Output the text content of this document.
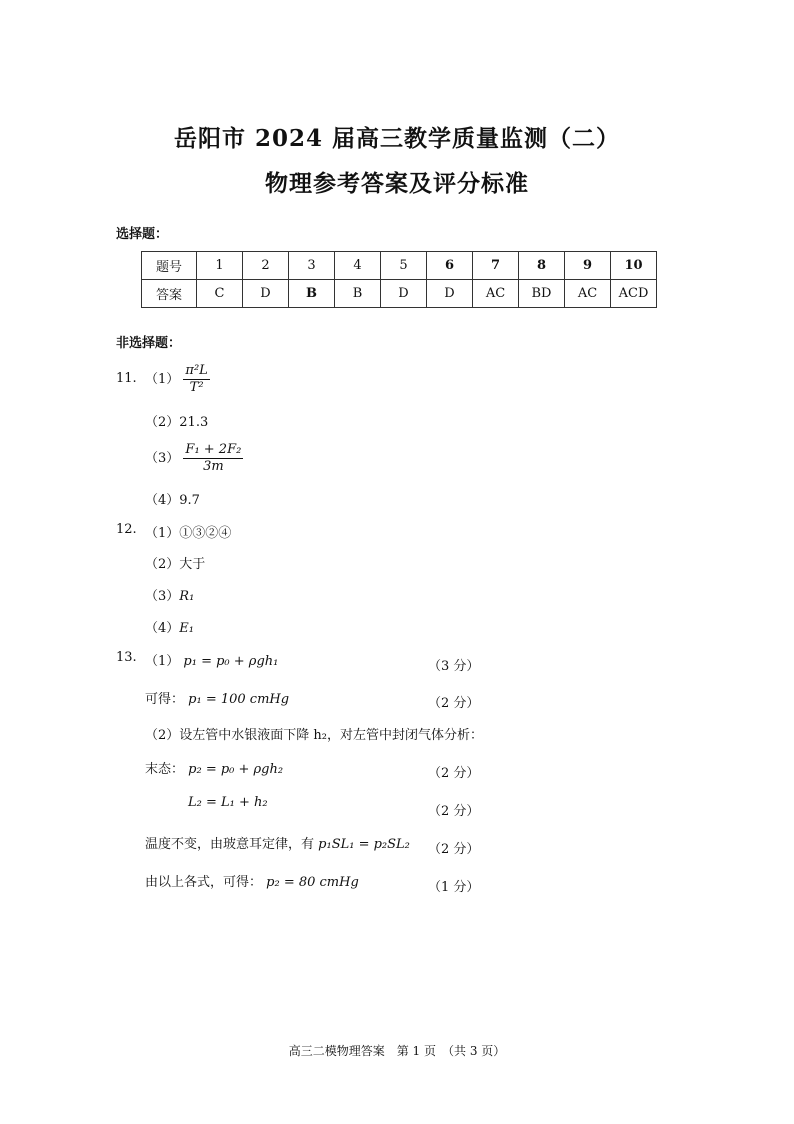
岳阳市 2024 届高三教学质量监测（二）
物理参考答案及评分标准
选择题：
题号	1	2	3	4	5	6	7	8	9	10
答案	C	D	B	B	D	D	AC	BD	AC	ACD
非选择题：
11. $(1) \frac{\text{π²L}}{\text{T²}}$
（2）21.3
$(3) \frac{\text{F₁ + 2F₂}}{3m}$
（4）9.7
12. （1）①③②④
（2）大于
（3）R₁
（4）E₁
13. （1） p₁ = p₀ + ρgh₁	（3 分）
可得： p₁ = 100 cmHg	（2 分）
（2）设左管中水银液面下降 h₂，对左管中封闭气体分析：
末态： p₂ = p₀ + ρgh₂	（2 分）
L₂ = L₁ + h₂
（2 分）
温度不变，由玻意耳定律，有 p₁SL₁ = p₂SL₂ （2 分）
由以上各式，可得： p₂ = 80 cmHg	（1 分）
高三二模物理答案　第 1 页　（共 3 页）
